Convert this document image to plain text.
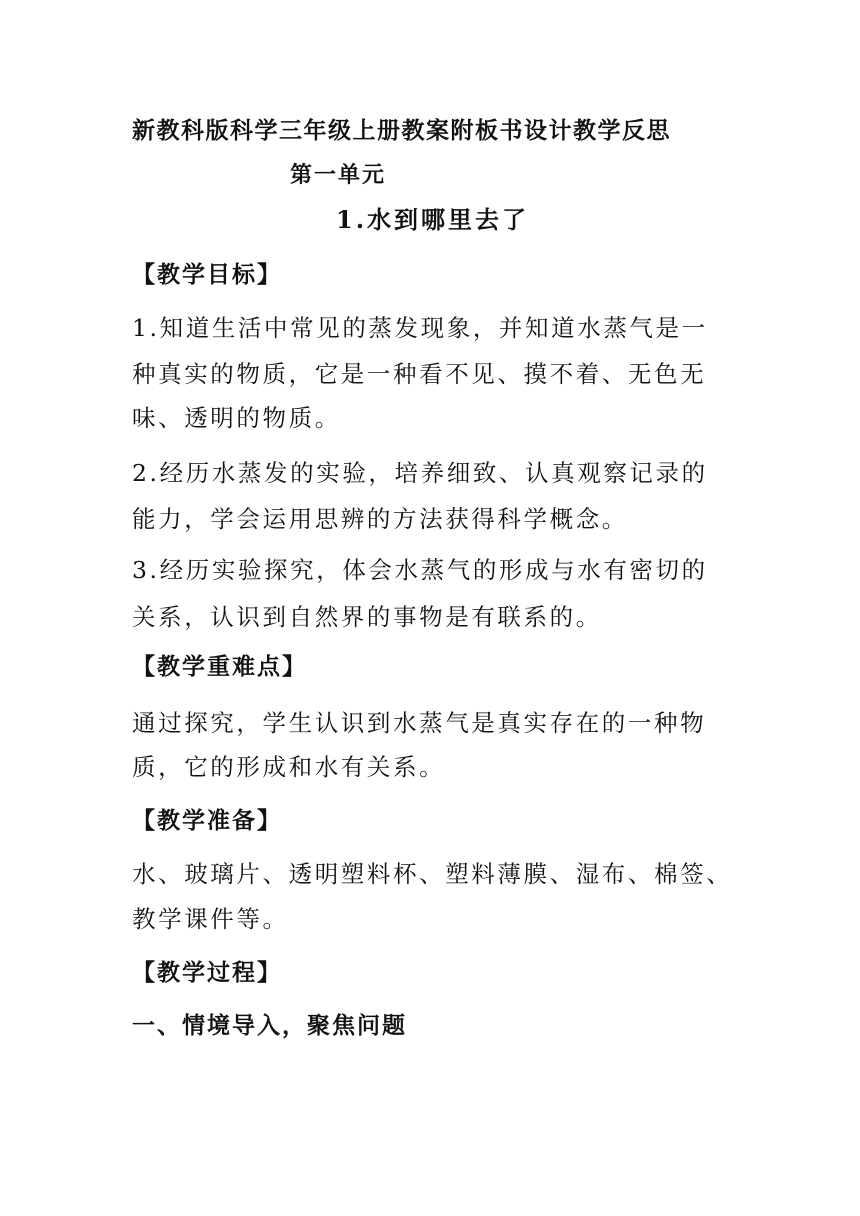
新教科版科学三年级上册教案附板书设计教学反思
第一单元
1.水到哪里去了
【教学目标】

1.知道生活中常见的蒸发现象，并知道水蒸气是一

种真实的物质，它是一种看不见、摸不着、无色无

味、透明的物质。

2.经历水蒸发的实验，培养细致、认真观察记录的

能力，学会运用思辨的方法获得科学概念。

3.经历实验探究，体会水蒸气的形成与水有密切的

关系，认识到自然界的事物是有联系的。

【教学重难点】

通过探究，学生认识到水蒸气是真实存在的一种物

质，它的形成和水有关系。

【教学准备】

水、玻璃片、透明塑料杯、塑料薄膜、湿布、棉签、

教学课件等。

【教学过程】
一、情境导入，聚焦问题
